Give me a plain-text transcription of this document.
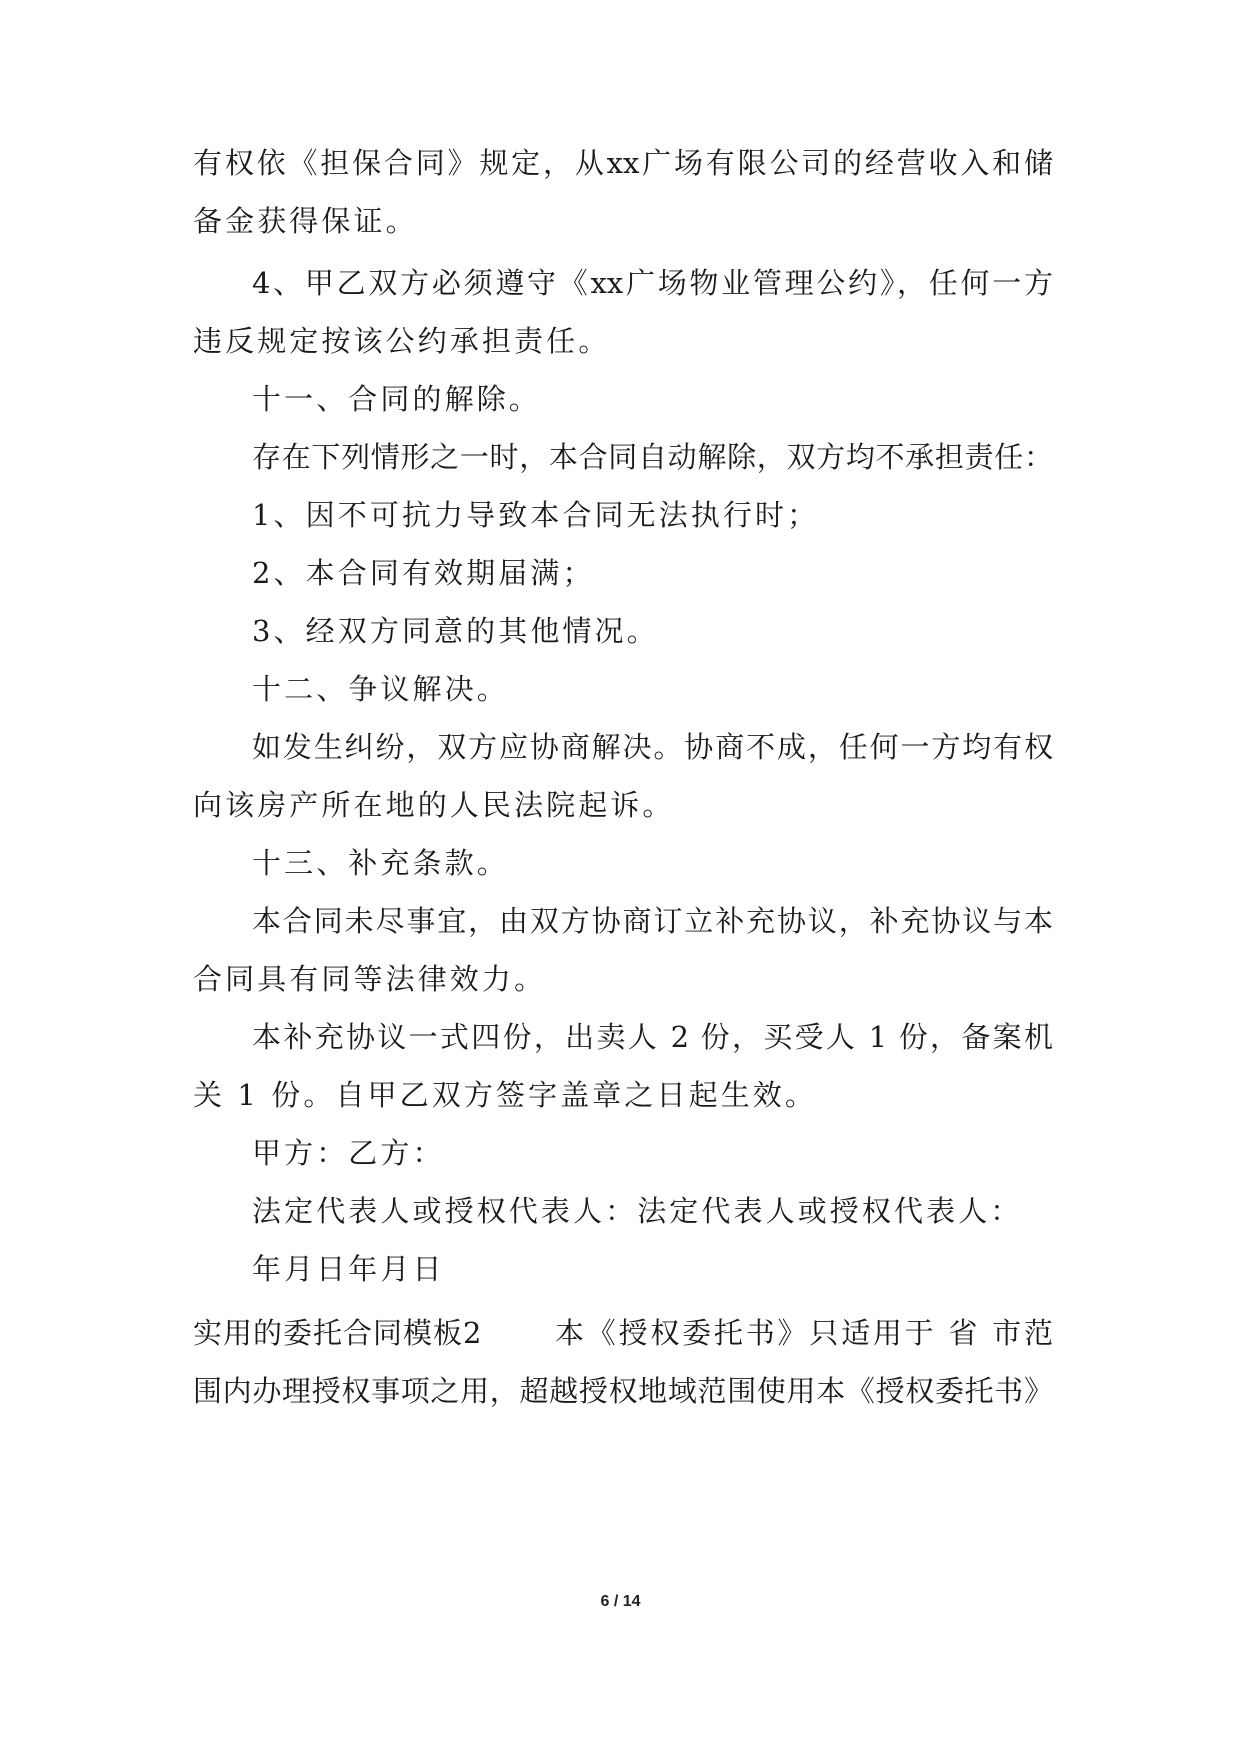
有权依《担保合同》规定，从xx广场有限公司的经营收入和储
备金获得保证。
4、甲乙双方必须遵守《xx广场物业管理公约》，任何一方
违反规定按该公约承担责任。
十一、合同的解除。
存在下列情形之一时，本合同自动解除，双方均不承担责任：
1、因不可抗力导致本合同无法执行时；
2、本合同有效期届满；
3、经双方同意的其他情况。
十二、争议解决。
如发生纠纷，双方应协商解决。协商不成，任何一方均有权
向该房产所在地的人民法院起诉。
十三、补充条款。
本合同未尽事宜，由双方协商订立补充协议，补充协议与本
合同具有同等法律效力。
本补充协议一式四份，出卖人 2 份，买受人 1 份，备案机
关 1 份。自甲乙双方签字盖章之日起生效。
甲方：乙方：
法定代表人或授权代表人：法定代表人或授权代表人：
年月日年月日
实用的委托合同模板2	本《授权委托书》只适用于 省 市范
围内办理授权事项之用，超越授权地域范围使用本《授权委托书》
6 / 14
